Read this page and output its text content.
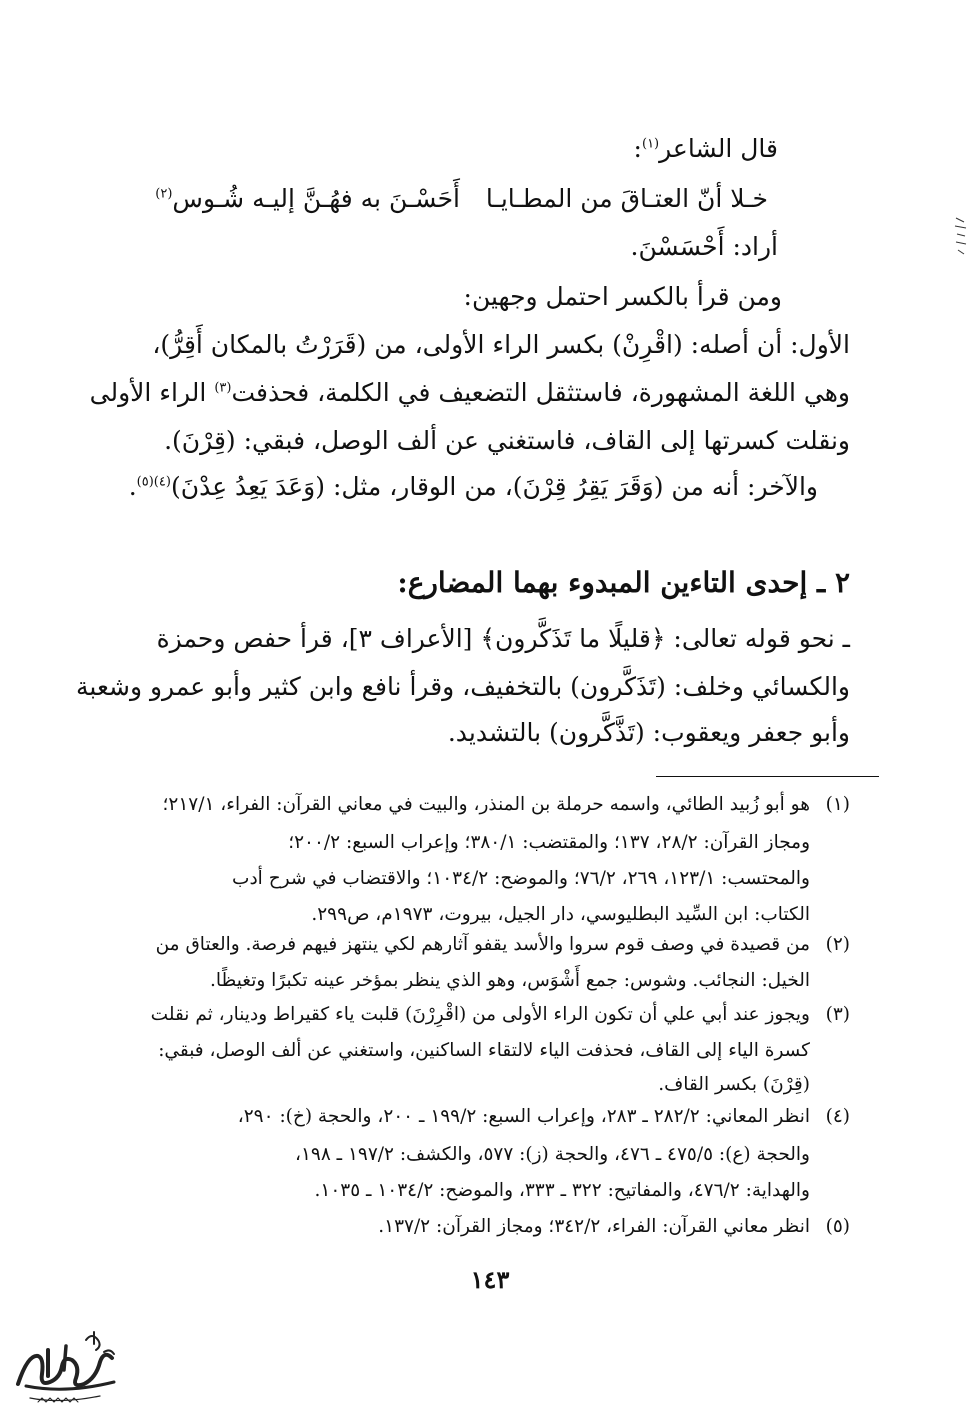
قال الشاعر$^{(١)}$:
خـلا أنّ العتـاقَ من المطـايـا
أَحَسْـنَ به فهُـنَّ إليـه شُـوس$^{(٢)}$
أراد: أَحْسَسْنَ.
ومن قرأ بالكسر احتمل وجهين:
الأول: أن أصله: (اقْرِنْ) بكسر الراء الأولى، من (قَرَرْتُ بالمكان أَقِرُّ)،
وهي اللغة المشهورة، فاستثقل التضعيف في الكلمة، فحذفت$^{(٣)}$ الراء الأولى
ونقلت كسرتها إلى القاف، فاستغني عن ألف الوصل، فبقي: (قِرْنَ).
والآخر: أنه من (وَقَرَ يَقِرُ قِرْنَ)، من الوقار، مثل: (وَعَدَ يَعِدُ عِدْنَ)$^{(٤)(٥)}$.
٢ ـ إحدى التاءين المبدوء بهما المضارع:
ـ نحو قوله تعالى: ﴿قليلًا ما تَذَكَّرون﴾ [الأعراف ٣]، قرأ حفص وحمزة
والكسائي وخلف: (تَذَكَّرون) بالتخفيف، وقرأ نافع وابن كثير وأبو عمرو وشعبة
وأبو جعفر ويعقوب: (تَذَّكَّرون) بالتشديد.
(١)
هو أبو زُبيد الطائي، واسمه حرملة بن المنذر، والبيت في معاني القرآن: الفراء، ٢١٧/١؛
ومجاز القرآن: ٢٨/٢، ١٣٧؛ والمقتضب: ٣٨٠/١؛ وإعراب السبع: ٢٠٠/٢؛
والمحتسب: ١٢٣/١، ٢٦٩، ٧٦/٢؛ والموضح: ١٠٣٤/٢؛ والاقتضاب في شرح أدب
الكتاب: ابن السِّيد البطليوسي، دار الجيل، بيروت، ١٩٧٣م، ص٢٩٩.
(٢)
من قصيدة في وصف قوم سروا والأسد يقفو آثارهم لكي ينتهز فيهم فرصة. والعتاق من
الخيل: النجائب. وشوس: جمع أَشْوَس، وهو الذي ينظر بمؤخر عينه تكبرًا وتغيظًا.
(٣)
ويجوز عند أبي علي أن تكون الراء الأولى من (اقْرِرْنَ) قلبت ياء كقيراط ودينار، ثم نقلت
كسرة الياء إلى القاف، فحذفت الياء لالتقاء الساكنين، واستغني عن ألف الوصل، فبقي:
(قِرْنَ) بكسر القاف.
(٤)
انظر المعاني: ٢٨٢/٢ ـ ٢٨٣، وإعراب السبع: ١٩٩/٢ ـ ٢٠٠، والحجة (خ): ٢٩٠،
والحجة (ع): ٤٧٥/٥ ـ ٤٧٦، والحجة (ز): ٥٧٧، والكشف: ١٩٧/٢ ـ ١٩٨،
والهداية: ٤٧٦/٢، والمفاتيح: ٣٢٢ ـ ٣٣٣، والموضح: ١٠٣٤/٢ ـ ١٠٣٥.
(٥)
انظر معاني القرآن: الفراء، ٣٤٢/٢؛ ومجاز القرآن: ١٣٧/٢.
١٤٣
